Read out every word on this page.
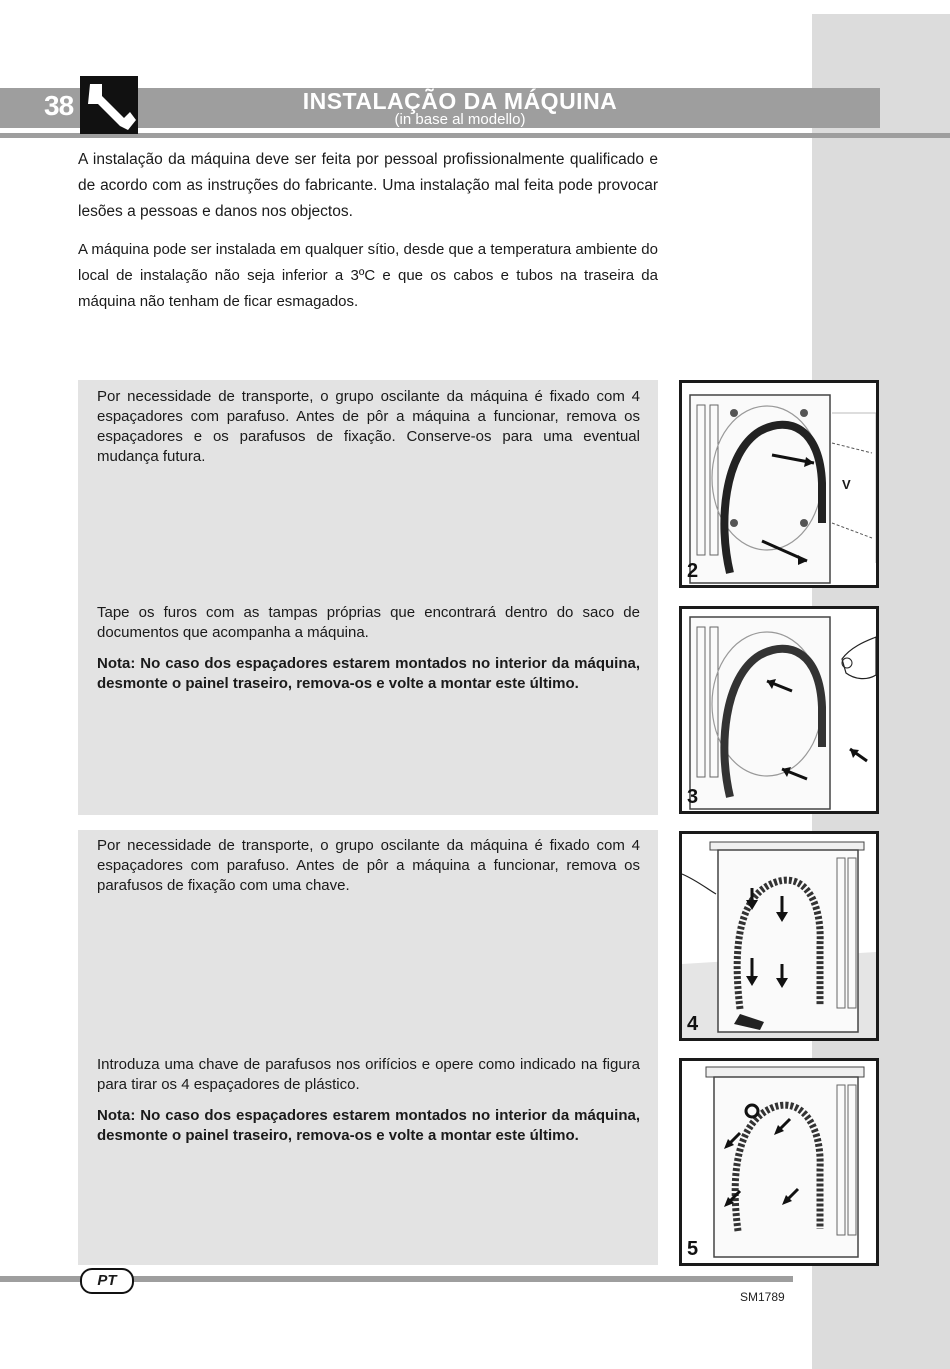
38	INSTALAÇÃO DA MÁQUINA
(in base al modello)

A instalação da máquina deve ser feita por pessoal profissionalmente qualificado e de acordo com as instruções do fabricante. Uma instalação mal feita pode provocar lesões a pessoas e danos nos objectos.

A máquina pode ser instalada em qualquer sítio, desde que a temperatura ambiente do local de instalação não seja inferior a 3ºC e que os cabos e tubos na traseira da máquina não tenham de ficar esmagados.

Por necessidade de transporte, o grupo oscilante da máquina é fixado com 4 espaçadores com parafuso. Antes de pôr a máquina a funcionar, remova os espaçadores e os parafusos de fixação. Conserve-os para uma eventual mudança futura.

Tape os furos com as tampas próprias que encontrará dentro do saco de documentos que acompanha a máquina.

Nota: No caso dos espaçadores estarem montados no interior da máquina, desmonte o painel traseiro, remova-os e volte a montar este último.

Por necessidade de transporte, o grupo oscilante da máquina é fixado com 4 espaçadores com parafuso. Antes de pôr a máquina a funcionar, remova os parafusos de fixação com uma chave.

Introduza uma chave de parafusos nos orifícios e opere como indicado na figura para tirar os 4 espaçadores de plástico.

Nota: No caso dos espaçadores estarem montados no interior da máquina, desmonte o painel traseiro, remova-os e volte a montar este último.

V
2
3
4
5
PT
SM1789
